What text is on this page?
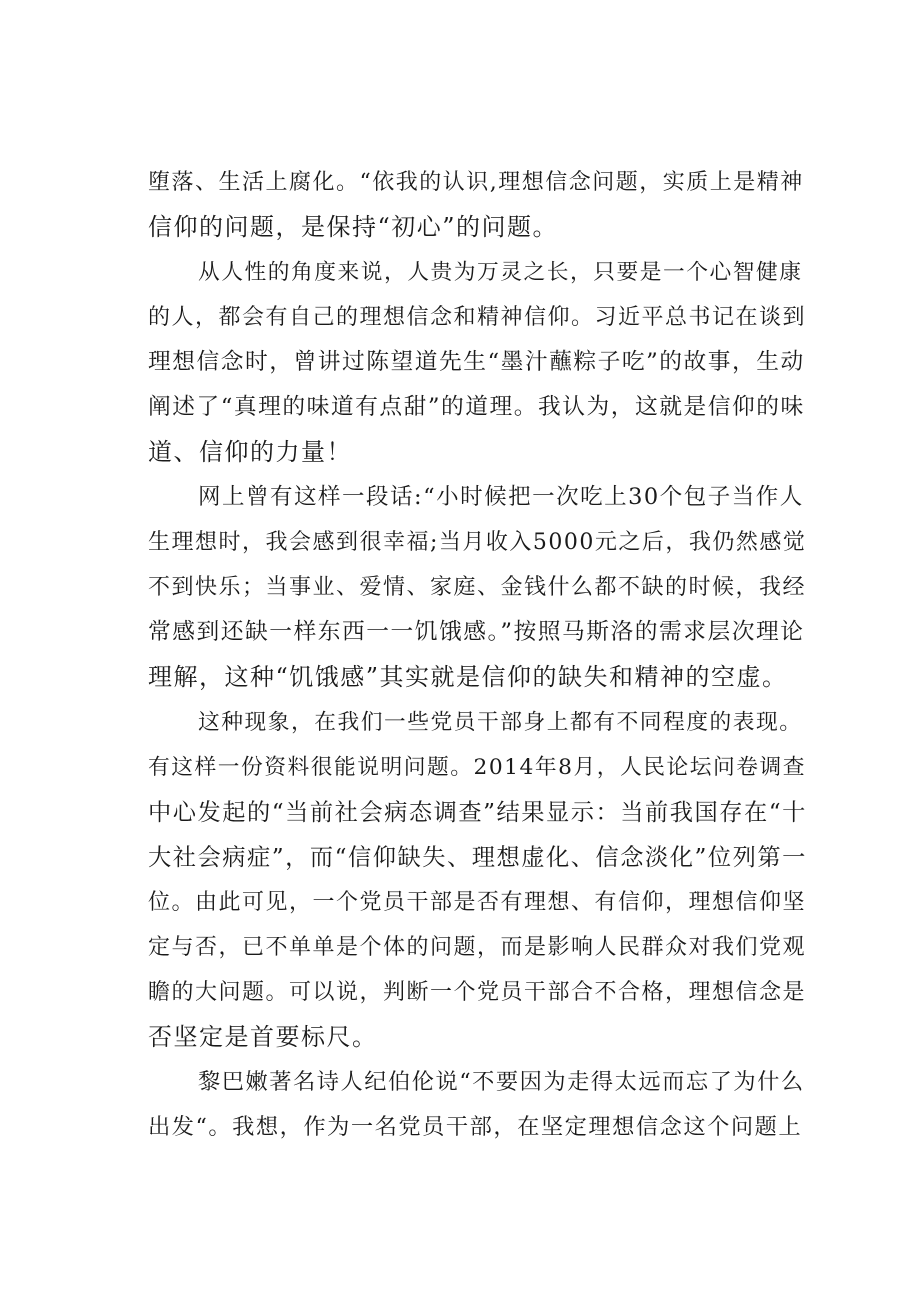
堕落、生活上腐化。“依我的认识,理想信念问题，实质上是精神
信仰的问题，是保持“初心”的问题。
从人性的角度来说，人贵为万灵之长，只要是一个心智健康
的人，都会有自己的理想信念和精神信仰。习近平总书记在谈到
理想信念时，曾讲过陈望道先生“墨汁蘸粽子吃”的故事，生动
阐述了“真理的味道有点甜”的道理。我认为，这就是信仰的味
道、信仰的力量！
网上曾有这样一段话:“小时候把一次吃上30个包子当作人
生理想时，我会感到很幸福;当月收入5000元之后，我仍然感觉
不到快乐；当事业、爱情、家庭、金钱什么都不缺的时候，我经
常感到还缺一样东西一一饥饿感。”按照马斯洛的需求层次理论
理解，这种“饥饿感”其实就是信仰的缺失和精神的空虚。
这种现象，在我们一些党员干部身上都有不同程度的表现。
有这样一份资料很能说明问题。2014年8月，人民论坛问卷调查
中心发起的“当前社会病态调查”结果显示：当前我国存在“十
大社会病症”，而“信仰缺失、理想虚化、信念淡化”位列第一
位。由此可见，一个党员干部是否有理想、有信仰，理想信仰坚
定与否，已不单单是个体的问题，而是影响人民群众对我们党观
瞻的大问题。可以说，判断一个党员干部合不合格，理想信念是
否坚定是首要标尺。
黎巴嫩著名诗人纪伯伦说“不要因为走得太远而忘了为什么
出发“。我想，作为一名党员干部，在坚定理想信念这个问题上
